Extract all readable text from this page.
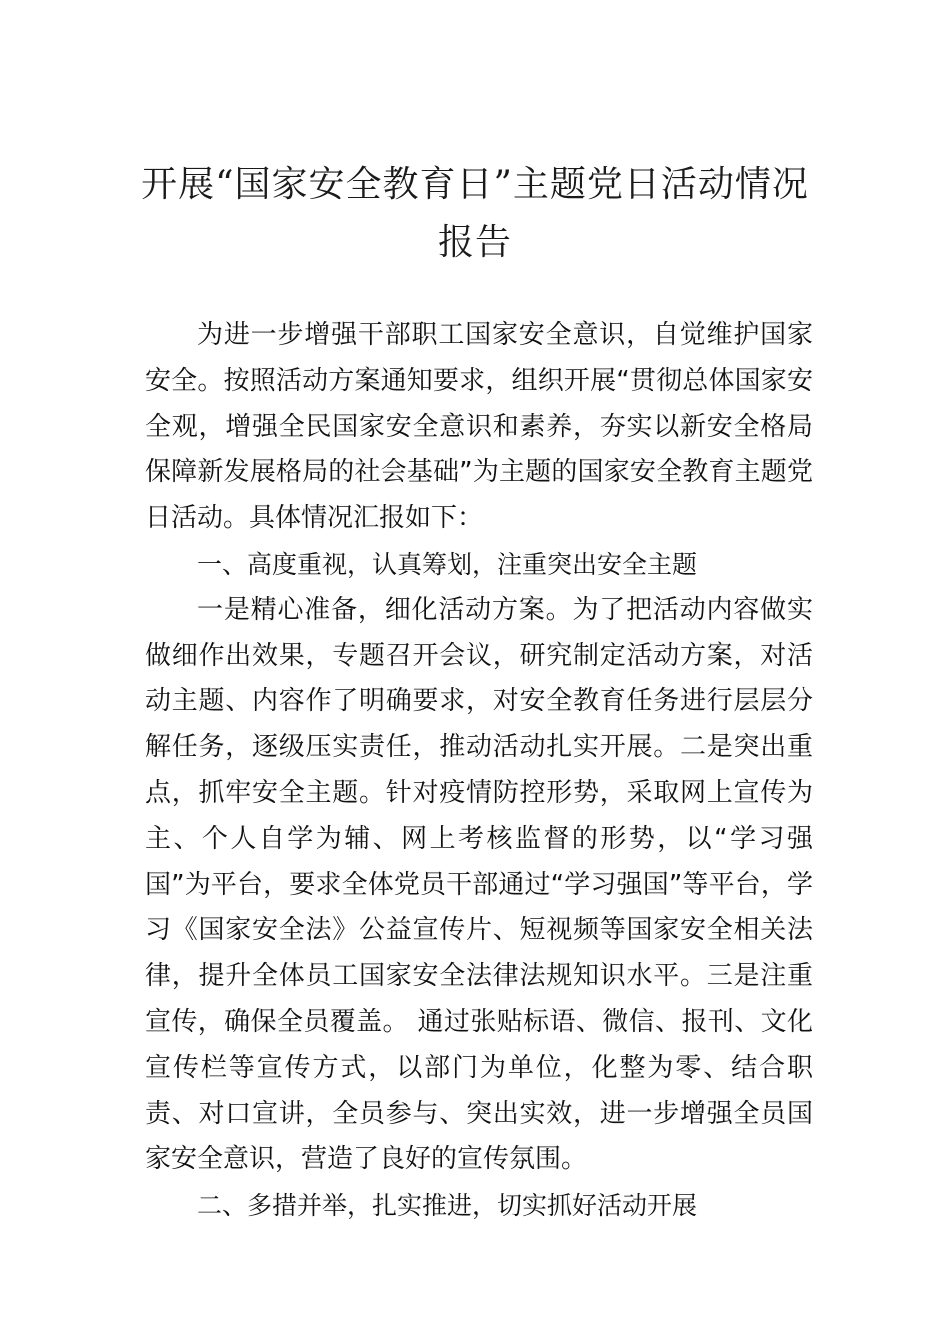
开展“国家安全教育日”主题党日活动情况报告

为进一步增强干部职工国家安全意识，自觉维护国家安全。按照活动方案通知要求，组织开展“贯彻总体国家安全观，增强全民国家安全意识和素养，夯实以新安全格局保障新发展格局的社会基础”为主题的国家安全教育主题党日活动。具体情况汇报如下：

一、高度重视，认真筹划，注重突出安全主题

一是精心准备，细化活动方案。为了把活动内容做实做细作出效果，专题召开会议，研究制定活动方案，对活动主题、内容作了明确要求，对安全教育任务进行层层分解任务，逐级压实责任，推动活动扎实开展。二是突出重点，抓牢安全主题。针对疫情防控形势，采取网上宣传为主、个人自学为辅、网上考核监督的形势，以“学习强国”为平台，要求全体党员干部通过“学习强国”等平台，学习《国家安全法》公益宣传片、短视频等国家安全相关法律，提升全体员工国家安全法律法规知识水平。三是注重宣传，确保全员覆盖。 通过张贴标语、微信、报刊、文化宣传栏等宣传方式，以部门为单位，化整为零、结合职责、对口宣讲，全员参与、突出实效，进一步增强全员国家安全意识，营造了良好的宣传氛围。

二、多措并举，扎实推进，切实抓好活动开展
